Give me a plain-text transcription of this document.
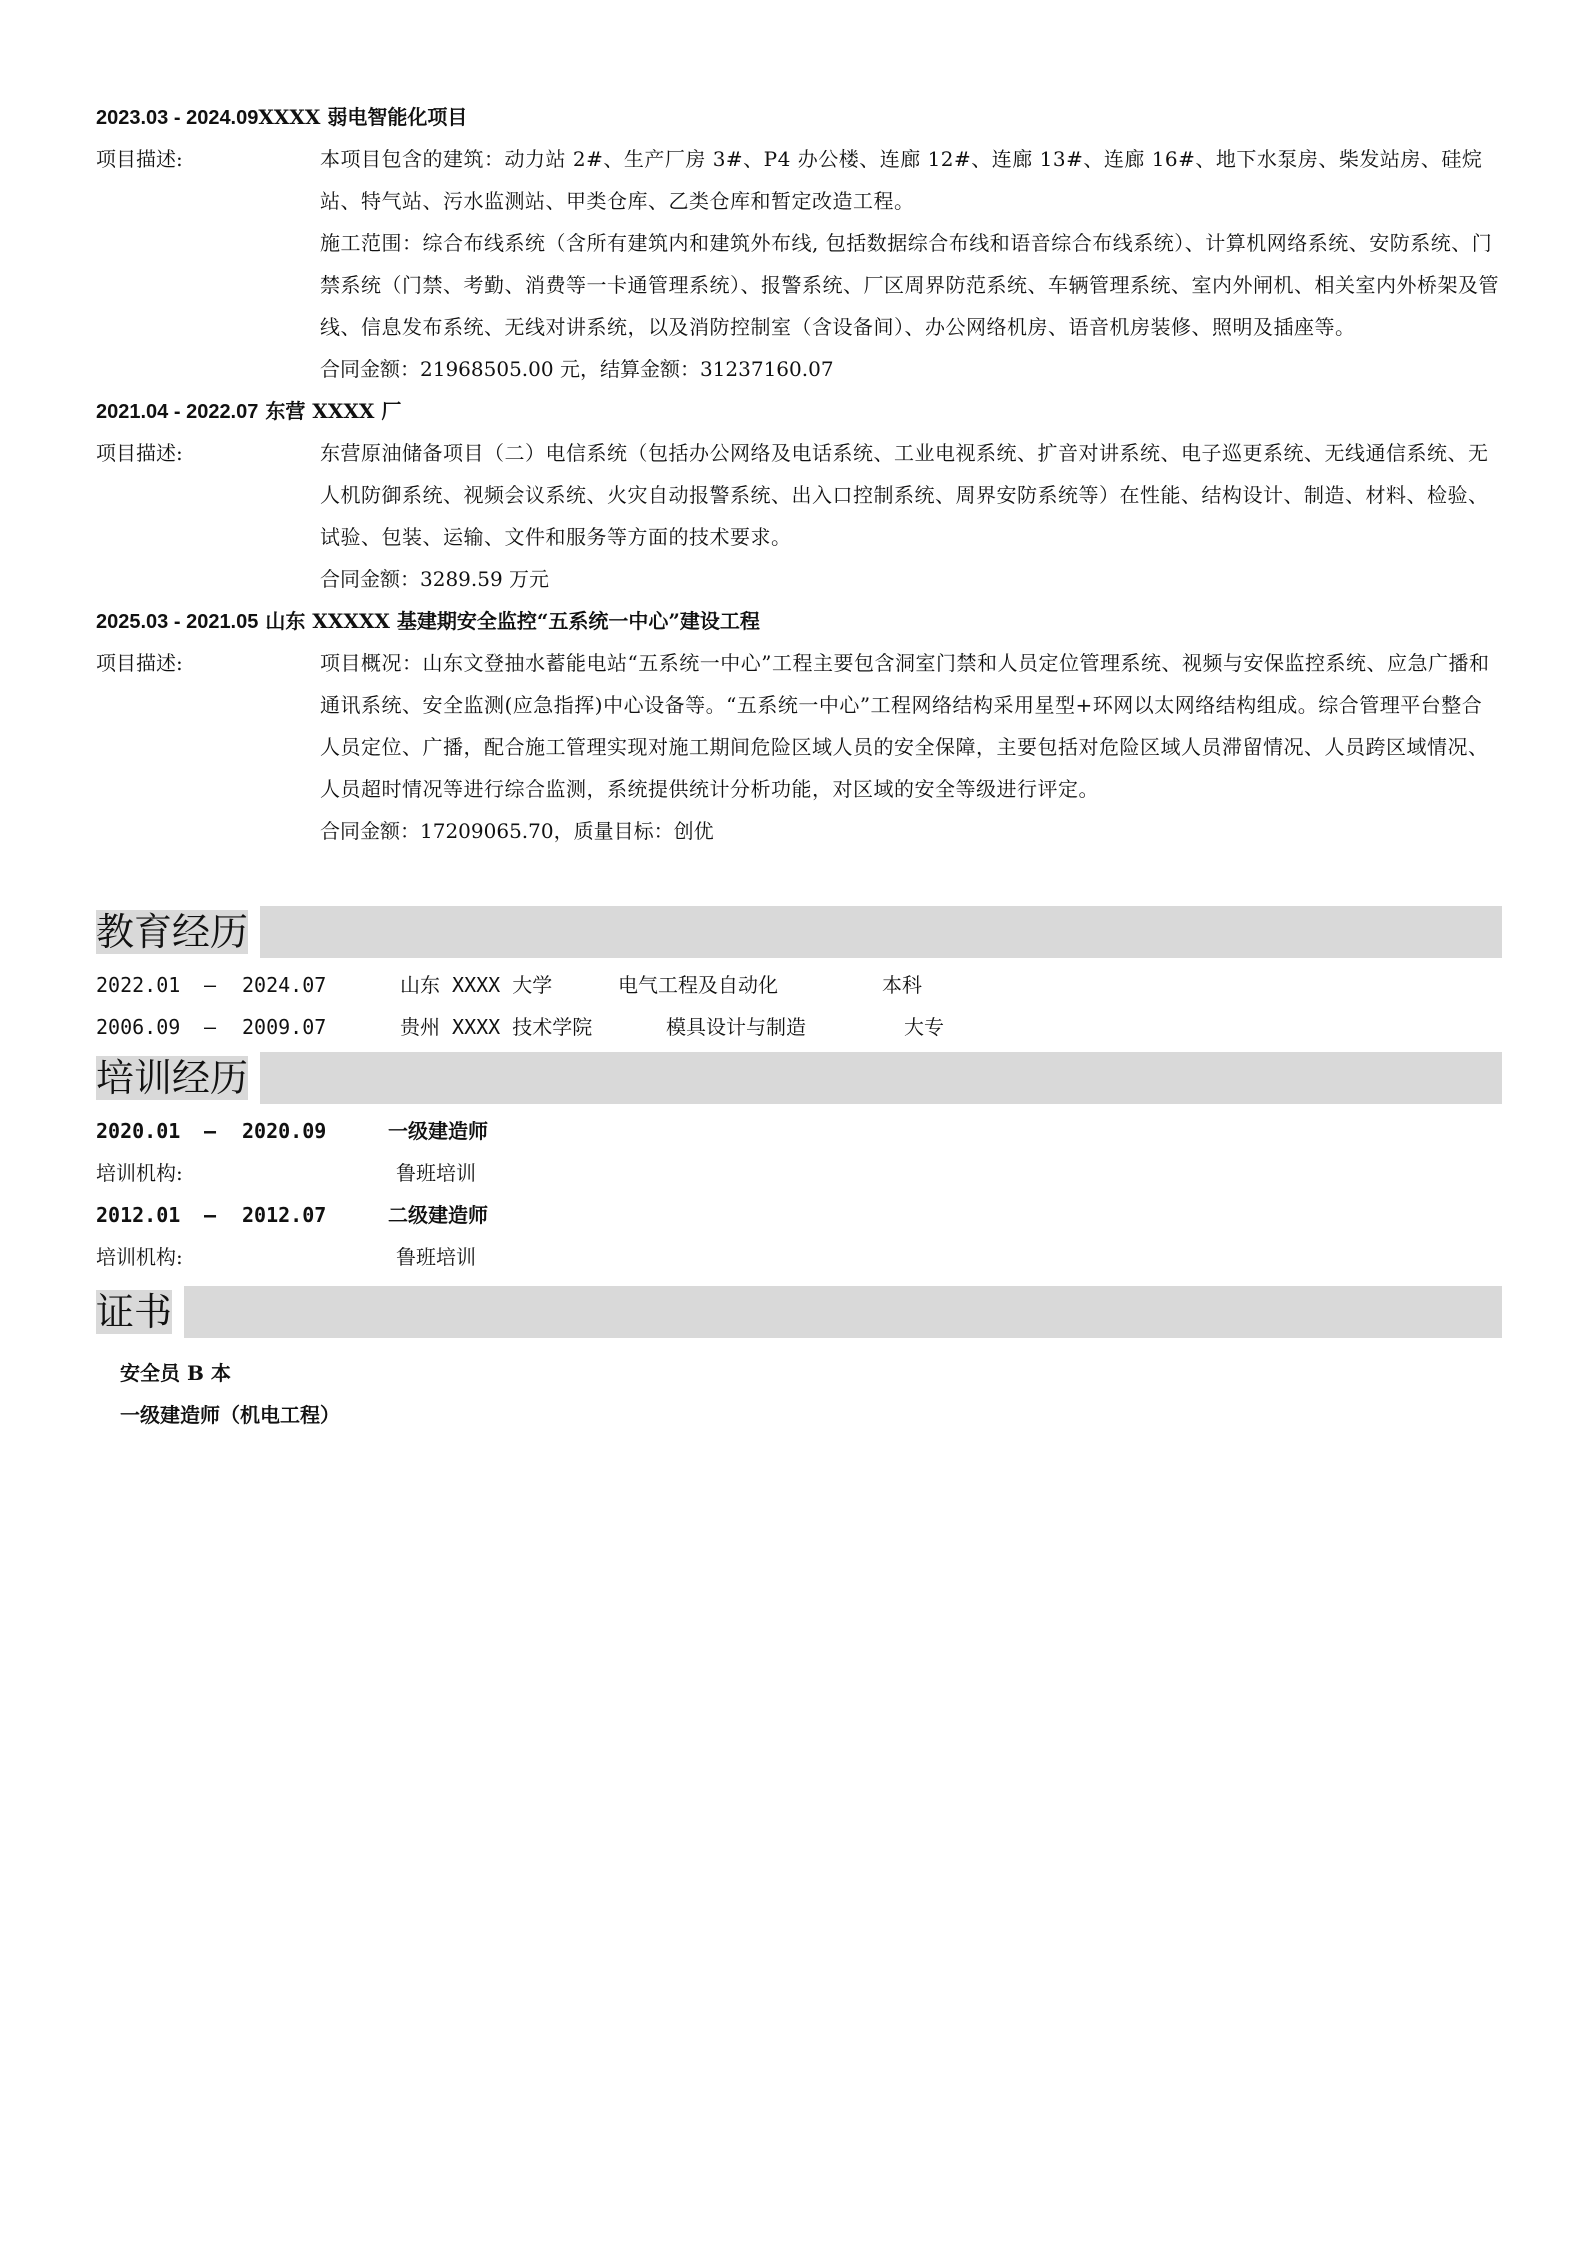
2023.03 - 2024.09XXXX 弱电智能化项目
项目描述:	本项目包含的建筑：动力站 2#、生产厂房 3#、P4 办公楼、连廊 12#、连廊 13#、连廊 16#、地下水泵房、柴发站房、硅烷站、特气站、污水监测站、甲类仓库、乙类仓库和暂定改造工程。
施工范围：综合布线系统（含所有建筑内和建筑外布线, 包括数据综合布线和语音综合布线系统）、计算机网络系统、安防系统、门禁系统（门禁、考勤、消费等一卡通管理系统）、报警系统、厂区周界防范系统、车辆管理系统、室内外闸机、相关室内外桥架及管线、信息发布系统、无线对讲系统，以及消防控制室（含设备间）、办公网络机房、语音机房装修、照明及插座等。
合同金额：21968505.00 元，结算金额：31237160.07
2021.04 - 2022.07 东营 XXXX 厂
项目描述:	东营原油储备项目（二）电信系统（包括办公网络及电话系统、工业电视系统、扩音对讲系统、电子巡更系统、无线通信系统、无人机防御系统、视频会议系统、火灾自动报警系统、出入口控制系统、周界安防系统等）在性能、结构设计、制造、材料、检验、试验、包装、运输、文件和服务等方面的技术要求。
合同金额：3289.59 万元
2025.03 - 2021.05 山东 XXXXX 基建期安全监控“五系统一中心”建设工程
项目描述:	项目概况：山东文登抽水蓄能电站“五系统一中心”工程主要包含洞室门禁和人员定位管理系统、视频与安保监控系统、应急广播和通讯系统、安全监测(应急指挥)中心设备等。“五系统一中心”工程网络结构采用星型+环网以太网络结构组成。综合管理平台整合人员定位、广播，配合施工管理实现对施工期间危险区域人员的安全保障，主要包括对危险区域人员滞留情况、人员跨区域情况、人员超时情况等进行综合监测，系统提供统计分析功能，对区域的安全等级进行评定。
合同金额：17209065.70，质量目标：创优
教育经历
2022.01 – 2024.07	山东 XXXX 大学	电气工程及自动化	本科
2006.09 – 2009.07	贵州 XXXX 技术学院	模具设计与制造	大专
培训经历
2020.01 – 2020.09	一级建造师
培训机构:	鲁班培训
2012.01 – 2012.07	二级建造师
培训机构:	鲁班培训
证书
安全员 B 本
一级建造师（机电工程）
